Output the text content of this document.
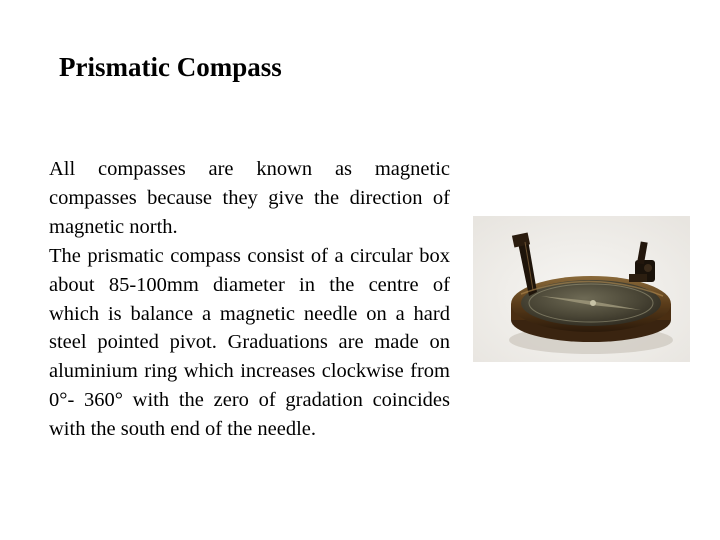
Prismatic Compass

All compasses are known as magnetic compasses because they give the direction of magnetic north.

The prismatic compass consist of a circular box about 85-100mm diameter in the centre of which is balance a magnetic needle on a hard steel pointed pivot. Graduations are made on aluminium ring which increases clockwise from 0°- 360° with the zero of gradation coincides with the south end of the needle.
